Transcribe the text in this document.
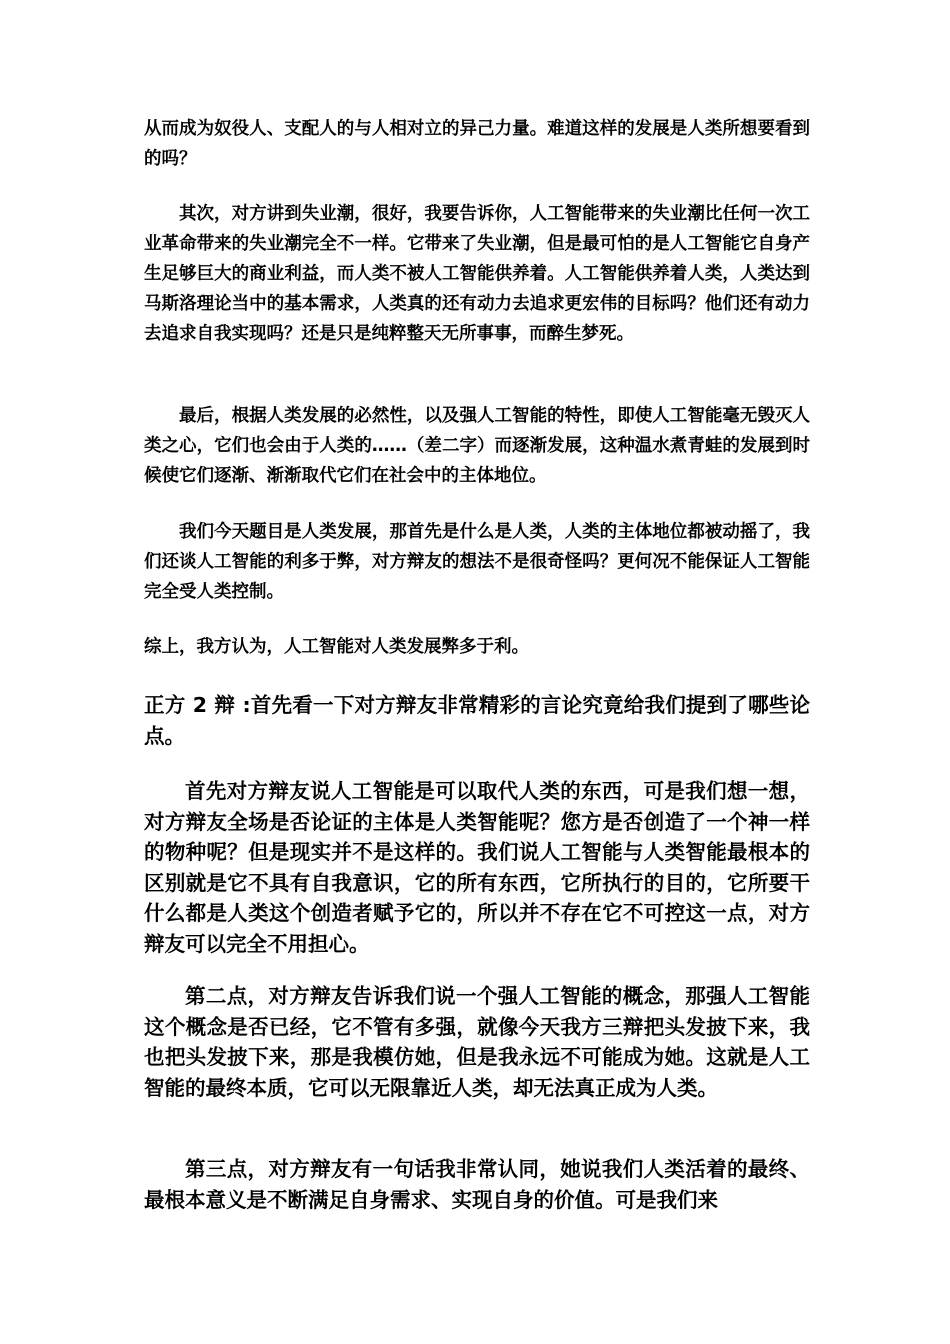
从而成为奴役人、支配人的与人相对立的异己力量。难道这样的发展是人类所想要看到的吗？

其次，对方讲到失业潮，很好，我要告诉你，人工智能带来的失业潮比任何一次工业革命带来的失业潮完全不一样。它带来了失业潮，但是最可怕的是人工智能它自身产生足够巨大的商业利益，而人类不被人工智能供养着。人工智能供养着人类，人类达到马斯洛理论当中的基本需求，人类真的还有动力去追求更宏伟的目标吗？他们还有动力去追求自我实现吗？还是只是纯粹整天无所事事，而醉生梦死。

最后，根据人类发展的必然性，以及强人工智能的特性，即使人工智能毫无毁灭人类之心，它们也会由于人类的……（差二字）而逐渐发展，这种温水煮青蛙的发展到时候使它们逐渐、渐渐取代它们在社会中的主体地位。

我们今天题目是人类发展，那首先是什么是人类，人类的主体地位都被动摇了，我们还谈人工智能的利多于弊，对方辩友的想法不是很奇怪吗？更何况不能保证人工智能完全受人类控制。

综上，我方认为，人工智能对人类发展弊多于利。

正方 2 辩 :首先看一下对方辩友非常精彩的言论究竟给我们提到了哪些论点。

首先对方辩友说人工智能是可以取代人类的东西，可是我们想一想，对方辩友全场是否论证的主体是人类智能呢？您方是否创造了一个神一样的物种呢？但是现实并不是这样的。我们说人工智能与人类智能最根本的区别就是它不具有自我意识，它的所有东西，它所执行的目的，它所要干什么都是人类这个创造者赋予它的，所以并不存在它不可控这一点，对方辩友可以完全不用担心。

第二点，对方辩友告诉我们说一个强人工智能的概念，那强人工智能这个概念是否已经，它不管有多强，就像今天我方三辩把头发披下来，我也把头发披下来，那是我模仿她，但是我永远不可能成为她。这就是人工智能的最终本质，它可以无限靠近人类，却无法真正成为人类。

第三点，对方辩友有一句话我非常认同，她说我们人类活着的最终、最根本意义是不断满足自身需求、实现自身的价值。可是我们来
